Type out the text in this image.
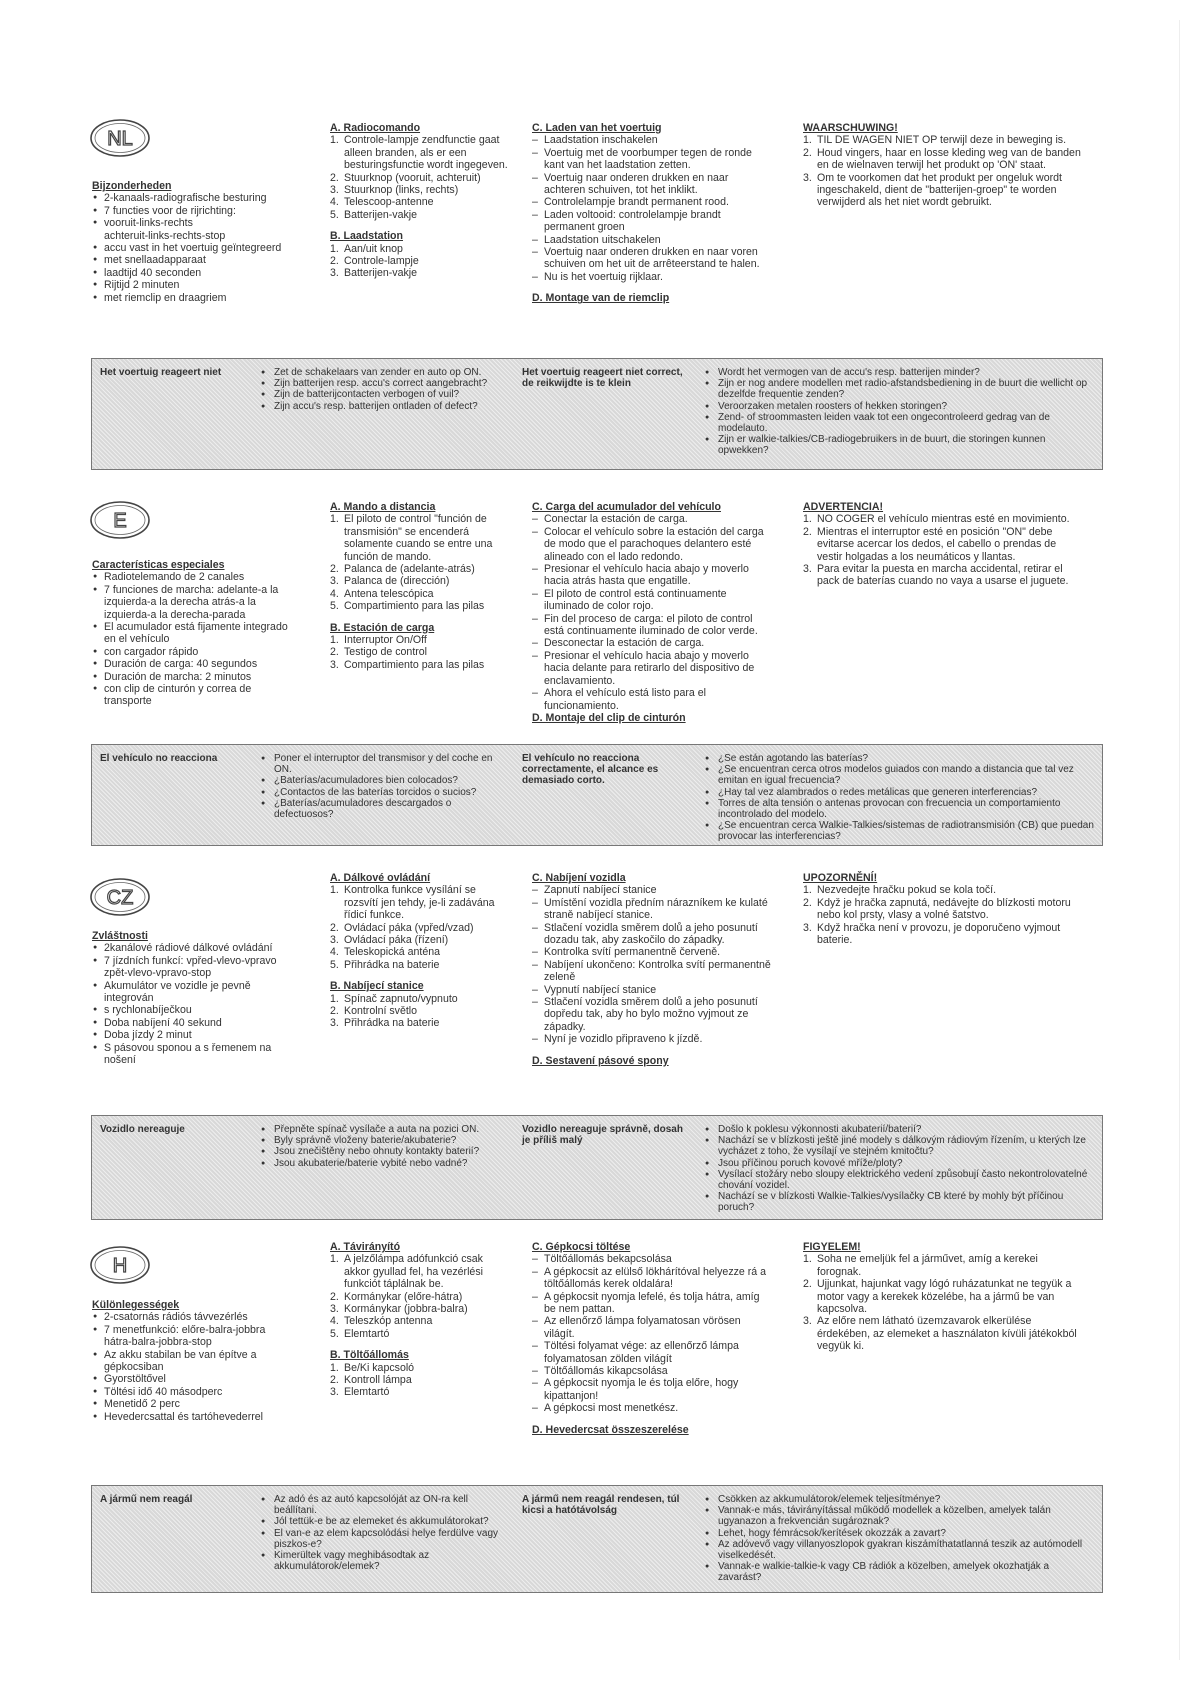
NL
Bijzonderheden
● 2-kanaals-radiografische besturing
● 7 functies voor de rijrichting:
● vooruit-links-rechts
achteruit-links-rechts-stop
● accu vast in het voertuig geïntegreerd
● met snellaadapparaat
● laadtijd 40 seconden
● Rijtijd 2 minuten
● met riemclip en draagriem
A. Radiocomando
1. Controle-lampje zendfunctie gaat alleen branden, als er een besturingsfunctie wordt ingegeven.
2. Stuurknop (vooruit, achteruit)
3. Stuurknop (links, rechts)
4. Telescoop-antenne
5. Batterijen-vakje
B. Laadstation
1. Aan/uit knop
2. Controle-lampje
3. Batterijen-vakje
C. Laden van het voertuig
– Laadstation inschakelen
– Voertuig met de voorbumper tegen de ronde kant van het laadstation zetten.
– Voertuig naar onderen drukken en naar achteren schuiven, tot het inklikt.
– Controlelampje brandt permanent rood.
– Laden voltooid: controlelampje brandt permanent groen
– Laadstation uitschakelen
– Voertuig naar onderen drukken en naar voren schuiven om het uit de arrêteerstand te halen.
– Nu is het voertuig rijklaar.
D. Montage van de riemclip
WAARSCHUWING!
1. TIL DE WAGEN NIET OP terwijl deze in beweging is.
2. Houd vingers, haar en losse kleding weg van de banden en de wielnaven terwijl het produkt op 'ON' staat.
3. Om te voorkomen dat het produkt per ongeluk wordt ingeschakeld, dient de "batterijen-groep" te worden verwijderd als het niet wordt gebruikt.
Het voertuig reageert niet	● Zet de schakelaars van zender en auto op ON.
● Zijn batterijen resp. accu's correct aangebracht?
● Zijn de batterijcontacten verbogen of vuil?
● Zijn accu's resp. batterijen ontladen of defect?
Het voertuig reageert niet correct, de reikwijdte is te klein
● Wordt het vermogen van de accu's resp. batterijen minder?
● Zijn er nog andere modellen met radio-afstandsbediening in de buurt die wellicht op dezelfde frequentie zenden?
● Veroorzaken metalen roosters of hekken storingen?
● Zend- of stroommasten leiden vaak tot een ongecontroleerd gedrag van de modelauto.
● Zijn er walkie-talkies/CB-radiogebruikers in de buurt, die storingen kunnen opwekken?
E
Características especiales
● Radiotelemando de 2 canales
● 7 funciones de marcha: adelante-a la izquierda-a la derecha atrás-a la izquierda-a la derecha-parada
● El acumulador está fijamente integrado en el vehículo
● con cargador rápido
● Duración de carga: 40 segundos
● Duración de marcha: 2 minutos
● con clip de cinturón y correa de transporte
A. Mando a distancia
1. El piloto de control "función de transmisión" se encenderá solamente cuando se entre una función de mando.
2. Palanca de (adelante-atrás)
3. Palanca de (dirección)
4. Antena telescópica
5. Compartimiento para las pilas
B. Estación de carga
1. Interruptor On/Off
2. Testigo de control
3. Compartimiento para las pilas
C. Carga del acumulador del vehículo
– Conectar la estación de carga.
– Colocar el vehículo sobre la estación del carga de modo que el parachoques delantero esté alineado con el lado redondo.
– Presionar el vehículo hacia abajo y moverlo hacia atrás hasta que engatille.
– El piloto de control está continuamente iluminado de color rojo.
– Fin del proceso de carga: el piloto de control está continuamente iluminado de color verde.
– Desconectar la estación de carga.
– Presionar el vehículo hacia abajo y moverlo hacia delante para retirarlo del dispositivo de enclavamiento.
– Ahora el vehículo está listo para el funcionamiento.
D. Montaje del clip de cinturón
ADVERTENCIA!
1. NO COGER el vehículo mientras esté en movimiento.
2. Mientras el interruptor esté en posición "ON" debe evitarse acercar los dedos, el cabello o prendas de vestir holgadas a los neumáticos y llantas.
3. Para evitar la puesta en marcha accidental, retirar el pack de baterías cuando no vaya a usarse el juguete.
El vehículo no reacciona	● Poner el interruptor del transmisor y del coche en ON.
● ¿Baterías/acumuladores bien colocados?
● ¿Contactos de las baterías torcidos o sucios?
● ¿Baterías/acumuladores descargados o defectuosos?
El vehículo no reacciona correctamente, el alcance es demasiado corto.
● ¿Se están agotando las baterías?
● ¿Se encuentran cerca otros modelos guiados con mando a distancia que tal vez emitan en igual frecuencia?
● ¿Hay tal vez alambrados o redes metálicas que generen interferencias?
● Torres de alta tensión o antenas provocan con frecuencia un comportamiento incontrolado del modelo.
● ¿Se encuentran cerca Walkie-Talkies/sistemas de radiotransmisión (CB) que puedan provocar las interferencias?
CZ
Zvláštnosti
● 2kanálové rádiové dálkové ovládání
● 7 jízdních funkcí: vpřed-vlevo-vpravo zpět-vlevo-vpravo-stop
● Akumulátor ve vozidle je pevně integrován
● s rychlonabíječkou
● Doba nabíjení 40 sekund
● Doba jízdy 2 minut
● S pásovou sponou a s řemenem na nošení
A. Dálkové ovládání
1. Kontrolka funkce vysílání se rozsvítí jen tehdy, je-li zadávána řídicí funkce.
2. Ovládací páka (vpřed/vzad)
3. Ovládací páka (řízení)
4. Teleskopická anténa
5. Přihrádka na baterie
B. Nabíjecí stanice
1. Spínač zapnuto/vypnuto
2. Kontrolní světlo
3. Přihrádka na baterie
C. Nabíjení vozidla
– Zapnutí nabíjecí stanice
– Umístění vozidla předním nárazníkem ke kulaté straně nabíjecí stanice.
– Stlačení vozidla směrem dolů a jeho posunutí dozadu tak, aby zaskočilo do západky.
– Kontrolka svítí permanentně červeně.
– Nabíjení ukončeno: Kontrolka svítí permanentně zeleně
– Vypnutí nabíjecí stanice
– Stlačení vozidla směrem dolů a jeho posunutí dopředu tak, aby ho bylo možno vyjmout ze západky.
– Nyní je vozidlo připraveno k jízdě.
D. Sestavení pásové spony
UPOZORNĚNÍ!
1. Nezvedejte hračku pokud se kola točí.
2. Když je hračka zapnutá, nedávejte do blízkosti motoru nebo kol prsty, vlasy a volné šatstvo.
3. Když hračka není v provozu, je doporučeno vyjmout baterie.
Vozidlo nereaguje	● Přepněte spínač vysílače a auta na pozici ON.
● Byly správně vloženy baterie/akubaterie?
● Jsou znečištěny nebo ohnuty kontakty baterií?
● Jsou akubaterie/baterie vybité nebo vadné?
Vozidlo nereaguje správně, dosah je příliš malý
● Došlo k poklesu výkonnosti akubaterií/baterií?
● Nachází se v blízkosti ještě jiné modely s dálkovým rádiovým řízením, u kterých lze vycházet z toho, že vysílají ve stejném kmitočtu?
● Jsou příčinou poruch kovové mříže/ploty?
● Vysílací stožáry nebo sloupy elektrického vedení způsobují často nekontrolovatelné chování vozidel.
● Nachází se v blízkosti Walkie-Talkies/vysílačky CB které by mohly být příčinou poruch?
H
Különlegességek
● 2-csatornás rádiós távvezérlés
● 7 menetfunkció: előre-balra-jobbra hátra-balra-jobbra-stop
● Az akku stabilan be van építve a gépkocsiban
● Gyorstöltővel
● Töltési idő 40 másodperc
● Menetidő 2 perc
● Hevedercsattal és tartóhevederrel
A. Távirányító
1. A jelzőlámpa adófunkció csak akkor gyullad fel, ha vezérlési funkciót táplálnak be.
2. Kormánykar (előre-hátra)
3. Kormánykar (jobbra-balra)
4. Teleszkóp antenna
5. Elemtartó
B. Töltőállomás
1. Be/Ki kapcsoló
2. Kontroll lámpa
3. Elemtartó
C. Gépkocsi töltése
– Töltőállomás bekapcsolása
– A gépkocsit az elülső lökhárítóval helyezze rá a töltőállomás kerek oldalára!
– A gépkocsit nyomja lefelé, és tolja hátra, amíg be nem pattan.
– Az ellenőrző lámpa folyamatosan vörösen világít.
– Töltési folyamat vége: az ellenőrző lámpa folyamatosan zölden világít
– Töltőállomás kikapcsolása
– A gépkocsit nyomja le és tolja előre, hogy kipattanjon!
– A gépkocsi most menetkész.
D. Hevedercsat összeszerelése
FIGYELEM!
1. Soha ne emeljük fel a járművet, amíg a kerekei forognak.
2. Ujjunkat, hajunkat vagy lógó ruházatunkat ne tegyük a motor vagy a kerekek közelébe, ha a jármű be van kapcsolva.
3. Az előre nem látható üzemzavarok elkerülése érdekében, az elemeket a használaton kívüli játékokból vegyük ki.
A jármű nem reagál	● Az adó és az autó kapcsolóját az ON-ra kell beállítani.
● Jól tettük-e be az elemeket és akkumulátorokat?
● El van-e az elem kapcsolódási helye ferdülve vagy piszkos-e?
● Kimerültek vagy meghibásodtak az akkumulátorok/elemek?
A jármű nem reagál rendesen, túl kicsi a hatótávolság
● Csökken az akkumulátorok/elemek teljesítménye?
● Vannak-e más, távirányítással működő modellek a közelben, amelyek talán ugyanazon a frekvencián sugároznak?
● Lehet, hogy fémrácsok/kerítések okozzák a zavart?
● Az adóvevő vagy villanyoszlopok gyakran kiszámíthatatlanná teszik az autómodell viselkedését.
● Vannak-e walkie-talkie-k vagy CB rádiók a közelben, amelyek okozhatják a zavarást?
